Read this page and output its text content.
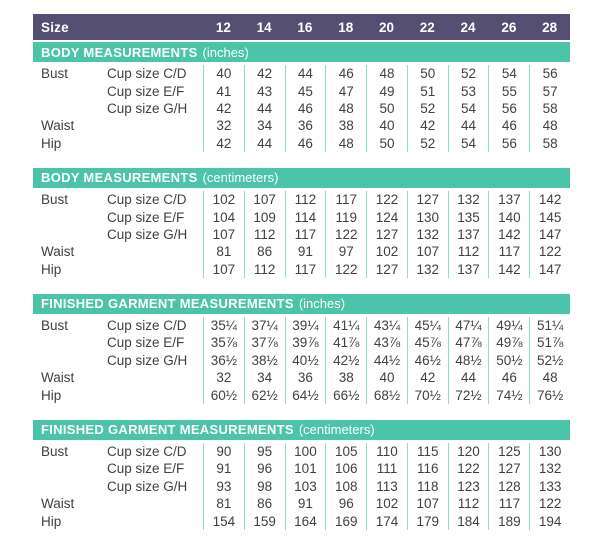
Size	12	14	16	18	20	22	24	26	28
BODY MEASUREMENTS (inches)
Bust	Cup size C/D	40	42	44	46	48	50	52	54	56
Cup size E/F	41	43	45	47	49	51	53	55	57
Cup size G/H	42	44	46	48	50	52	54	56	58
Waist	32	34	36	38	40	42	44	46	48
Hip	42	44	46	48	50	52	54	56	58
BODY MEASUREMENTS (centimeters)
Bust	Cup size C/D	102	107	112	117	122	127	132	137	142
Cup size E/F	104	109	114	119	124	130	135	140	145
Cup size G/H	107	112	117	122	127	132	137	142	147
Waist	81	86	91	97	102	107	112	117	122
Hip	107	112	117	122	127	132	137	142	147
FINISHED GARMENT MEASUREMENTS (inches)
Bust	Cup size C/D	35¼	37¼	39¼	41¼	43¼	45¼	47¼	49¼	51¼
Cup size E/F	35⅞	37⅞	39⅞	41⅞	43⅞	45⅞	47⅞	49⅞	51⅞
Cup size G/H	36½	38½	40½	42½	44½	46½	48½	50½	52½
Waist	32	34	36	38	40	42	44	46	48
Hip	60½	62½	64½	66½	68½	70½	72½	74½	76½
FINISHED GARMENT MEASUREMENTS (centimeters)
Bust	Cup size C/D	90	95	100	105	110	115	120	125	130
Cup size E/F	91	96	101	106	111	116	122	127	132
Cup size G/H	93	98	103	108	113	118	123	128	133
Waist	81	86	91	96	102	107	112	117	122
Hip	154	159	164	169	174	179	184	189	194
